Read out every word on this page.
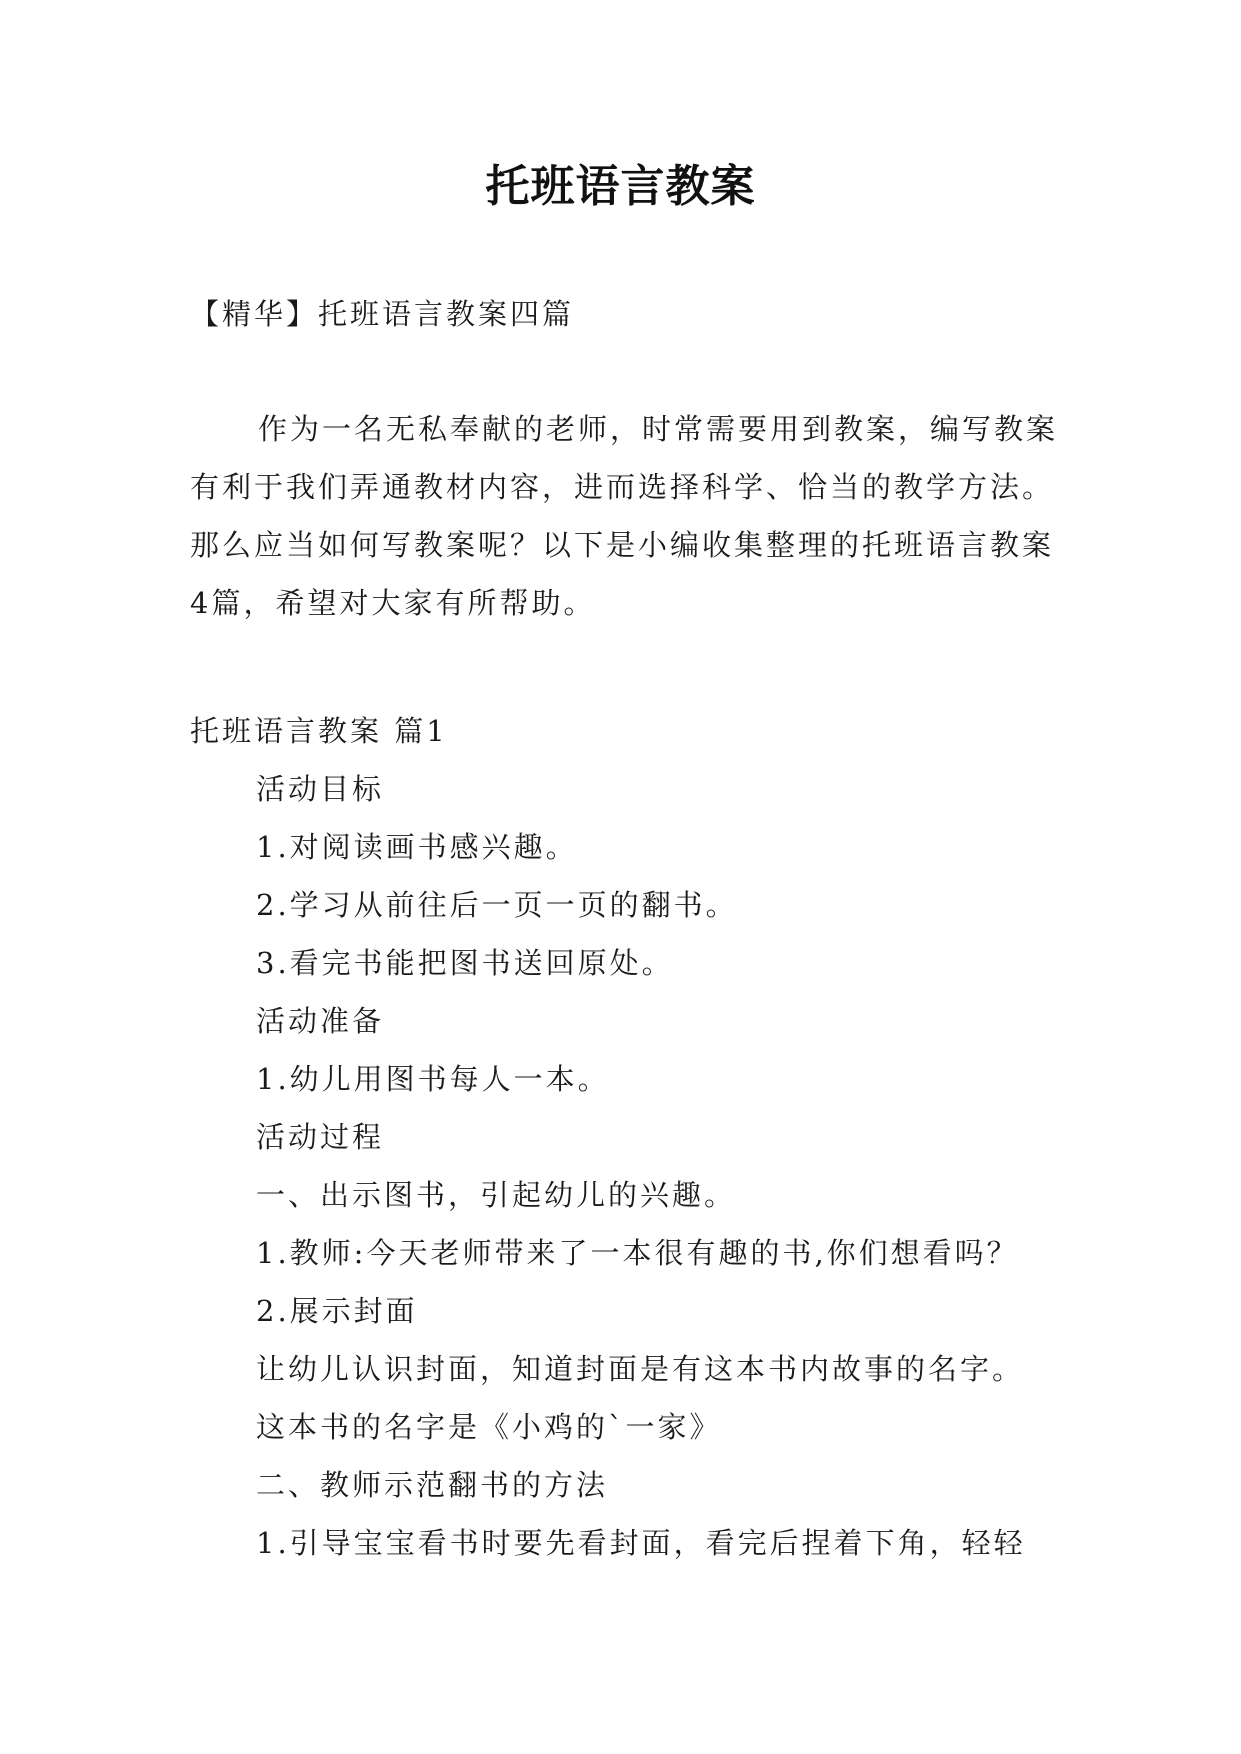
托班语言教案
【精华】托班语言教案四篇

作为一名无私奉献的老师，时常需要用到教案，编写教案有利于我们弄通教材内容，进而选择科学、恰当的教学方法。那么应当如何写教案呢？以下是小编收集整理的托班语言教案4篇，希望对大家有所帮助。

托班语言教案 篇1
活动目标
1.对阅读画书感兴趣。
2.学习从前往后一页一页的翻书。
3.看完书能把图书送回原处。
活动准备
1.幼儿用图书每人一本。
活动过程
一、出示图书，引起幼儿的兴趣。
1.教师:今天老师带来了一本很有趣的书,你们想看吗？
2.展示封面
让幼儿认识封面，知道封面是有这本书内故事的名字。
这本书的名字是《小鸡的`一家》
二、教师示范翻书的方法
1.引导宝宝看书时要先看封面，看完后捏着下角，轻轻
